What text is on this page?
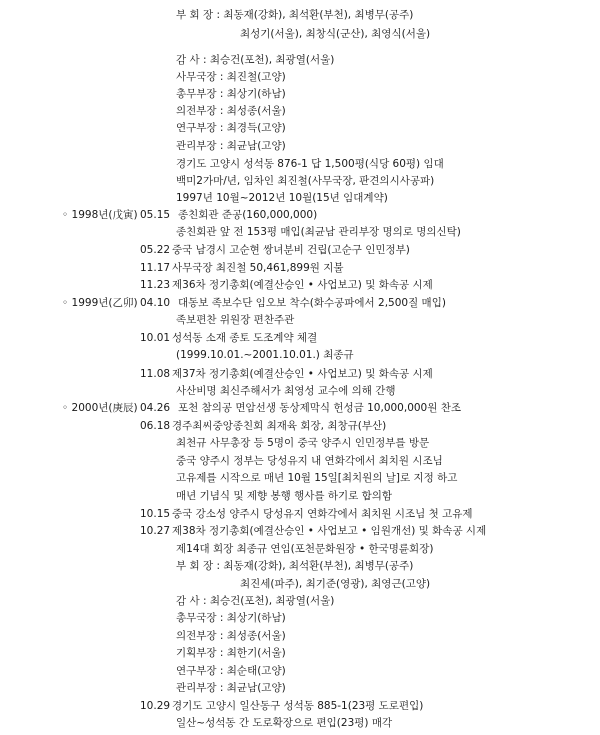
부 회 장 : 최동재(강화), 최석환(부천), 최병무(공주)
최성기(서울), 최창식(군산), 최영식(서울)
감 사 : 최승건(포천), 최광열(서울)
사무국장 : 최진철(고양)
총무부장 : 최상기(하남)
의전부장 : 최성종(서울)
연구부장 : 최경득(고양)
관리부장 : 최균남(고양)
경기도 고양시 성석동 876-1 답 1,500평(식당 60평) 임대
백미2가마/년, 임차인 최진철(사무국장, 판견의시사공파)
1997년 10월~2012년 10월(15년 임대계약)
◦ 1998년(戊寅) 05.15 종친회관 준공(160,000,000)
종친회관 앞 전 153평 매입(최균남 관리부장 명의로 명의신탁)
05.22 중국 남경시 고순현 쌍녀분비 건립(고순구 인민정부)
11.17 사무국장 최진철 50,461,899원 지불
11.23 제36차 정기총회(예결산승인 • 사업보고) 및 화속공 시제
◦ 1999년(乙卯) 04.10 대동보 족보수단 임오보 착수(화수공파에서 2,500질 매입)
족보편찬 위원장 편찬주관
10.01 성석동 소재 종토 도조계약 체결
(1999.10.01.~2001.10.01.) 최종규
11.08 제37차 정기총회(예결산승인 • 사업보고) 및 화속공 시제
사산비명 최신주해서가 최영성 교수에 의해 간행
◦ 2000년(庚辰) 04.26 포천 참의공 면암선생 동상제막식 헌성금 10,000,000원 찬조
06.18 경주최씨중앙종친회 최재육 회장, 최창규(부산)
최천규 사무총장 등 5명이 중국 양주시 인민정부를 방문
중국 양주시 정부는 당성유지 내 연화각에서 최치원 시조님
고유제를 시작으로 매년 10월 15일[최치원의 날]로 지정 하고
매년 기념식 및 제향 봉행 행사를 하기로 합의함
10.15 중국 강소성 양주시 당성유지 연화각에서 최치원 시조님 첫 고유제
10.27 제38차 정기총회(예결산승인 • 사업보고 • 임원개선) 및 화속공 시제
제14대 회장 최종규 연임(포천문화원장 • 한국명륜회장)
부 회 장 : 최동재(강화), 최석환(부천), 최병무(공주)
최진세(파주), 최기준(영광), 최영근(고양)
감 사 : 최승건(포천), 최광열(서울)
총무국장 : 최상기(하남)
의전부장 : 최성종(서울)
기획부장 : 최한기(서울)
연구부장 : 최순태(고양)
관리부장 : 최균남(고양)
10.29 경기도 고양시 일산동구 성석동 885-1(23평 도로편입)
일산~성석동 간 도로확장으로 편입(23평) 매각
